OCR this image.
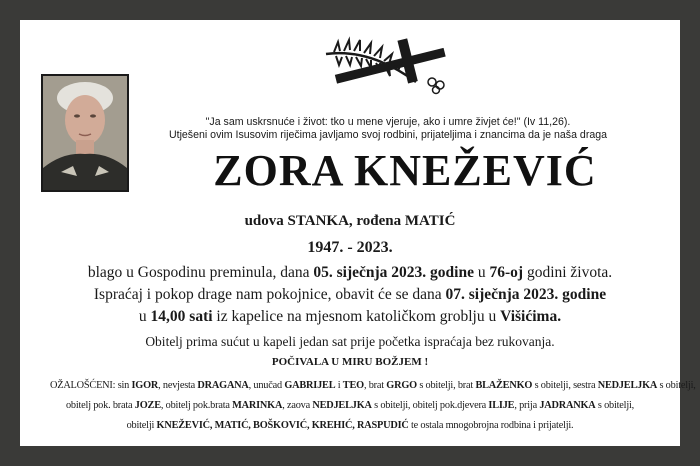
"Ja sam uskrsnuće i život: tko u mene vjeruje, ako i umre živjet će!" (Iv 11,26).
Utješeni ovim Isusovim riječima javljamo svoj rodbini, prijateljima i znancima da je naša draga
ZORA KNEŽEVIĆ
udova STANKA, rođena MATIĆ
1947. - 2023.
blago u Gospodinu preminula, dana 05. siječnja 2023. godine u 76-oj godini života.
Ispraćaj i pokop drage nam pokojnice, obavit će se dana 07. siječnja 2023. godine
u 14,00 sati iz kapelice na mjesnom katoličkom groblju u Višićima.
Obitelj prima sućut u kapeli jedan sat prije početka ispraćaja bez rukovanja.
POČIVALA U MIRU BOŽJEM !
OŽALOŠĆENI: sin IGOR, nevjesta DRAGANA, unučad GABRIJEL i TEO, brat GRGO s obitelji, brat BLAŽENKO s obitelji, sestra NEDJELJKA s obitelji,
obitelj pok. brata JOZE, obitelj pok.brata MARINKA, zaova NEDJELJKA s obitelji, obitelj pok.djevera ILIJE, prija JADRANKA s obitelji,
obitelji KNEŽEVIĆ, MATIĆ, BOŠKOVIĆ, KREHIĆ, RASPUDIĆ te ostala mnogobrojna rodbina i prijatelji.
